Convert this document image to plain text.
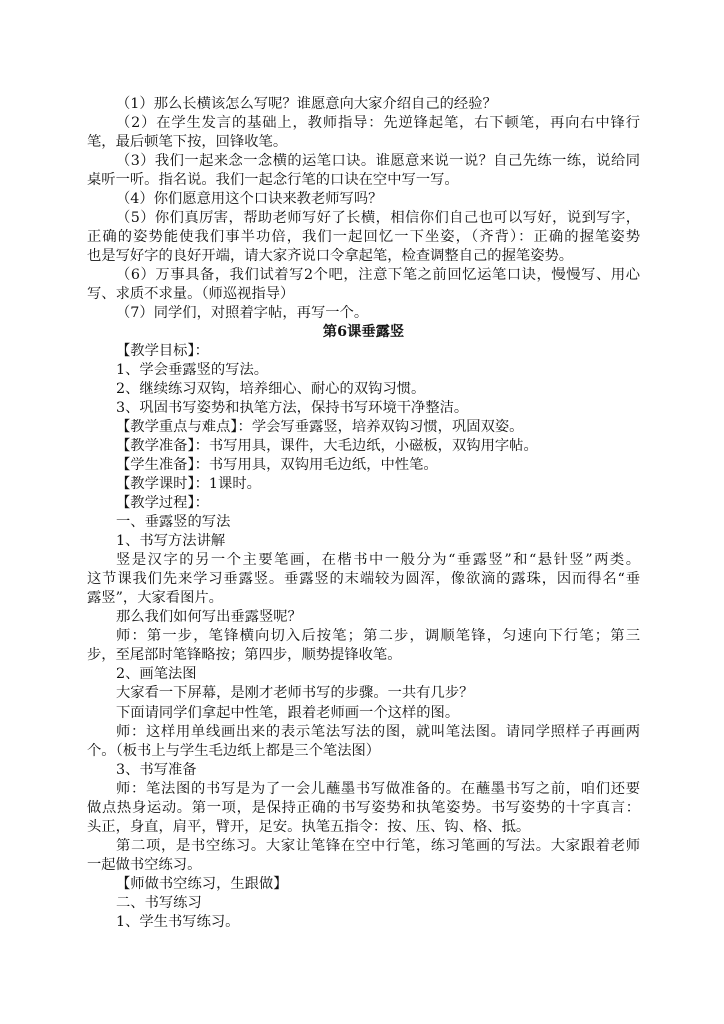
（1）那么长横该怎么写呢？谁愿意向大家介绍自己的经验？
（2）在学生发言的基础上，教师指导：先逆锋起笔，右下顿笔，再向右中锋行
笔，最后顿笔下按，回锋收笔。
（3）我们一起来念一念横的运笔口诀。谁愿意来说一说？自己先练一练，说给同
桌听一听。指名说。我们一起念行笔的口诀在空中写一写。
（4）你们愿意用这个口诀来教老师写吗？
（5）你们真厉害，帮助老师写好了长横，相信你们自己也可以写好，说到写字，
正确的姿势能使我们事半功倍，我们一起回忆一下坐姿，（齐背）：正确的握笔姿势
也是写好字的良好开端，请大家齐说口令拿起笔，检查调整自己的握笔姿势。
（6）万事具备，我们试着写2个吧，注意下笔之前回忆运笔口诀，慢慢写、用心
写、求质不求量。（师巡视指导）
（7）同学们，对照着字帖，再写一个。
第6课垂露竖
【教学目标】：
1、学会垂露竖的写法。
2、继续练习双钩，培养细心、耐心的双钩习惯。
3、巩固书写姿势和执笔方法，保持书写环境干净整洁。
【教学重点与难点】：学会写垂露竖，培养双钩习惯，巩固双姿。
【教学准备】：书写用具，课件，大毛边纸，小磁板，双钩用字帖。
【学生准备】：书写用具，双钩用毛边纸，中性笔。
【教学课时】：1课时。
【教学过程】：
一、垂露竖的写法
1、书写方法讲解
竖是汉字的另一个主要笔画，在楷书中一般分为“垂露竖”和“悬针竖”两类。
这节课我们先来学习垂露竖。垂露竖的末端较为圆浑，像欲滴的露珠，因而得名“垂
露竖”，大家看图片。
那么我们如何写出垂露竖呢？
师：第一步，笔锋横向切入后按笔；第二步，调顺笔锋，匀速向下行笔；第三
步，至尾部时笔锋略按；第四步，顺势提锋收笔。
2、画笔法图
大家看一下屏幕，是刚才老师书写的步骤。一共有几步？
下面请同学们拿起中性笔，跟着老师画一个这样的图。
师：这样用单线画出来的表示笔法写法的图，就叫笔法图。请同学照样子再画两
个。（板书上与学生毛边纸上都是三个笔法图）
3、书写准备
师：笔法图的书写是为了一会儿蘸墨书写做准备的。在蘸墨书写之前，咱们还要
做点热身运动。第一项，是保持正确的书写姿势和执笔姿势。书写姿势的十字真言：
头正，身直，肩平，臂开，足安。执笔五指令：按、压、钩、格、抵。
第二项，是书空练习。大家让笔锋在空中行笔，练习笔画的写法。大家跟着老师
一起做书空练习。
【师做书空练习，生跟做】
二、书写练习
1、学生书写练习。
